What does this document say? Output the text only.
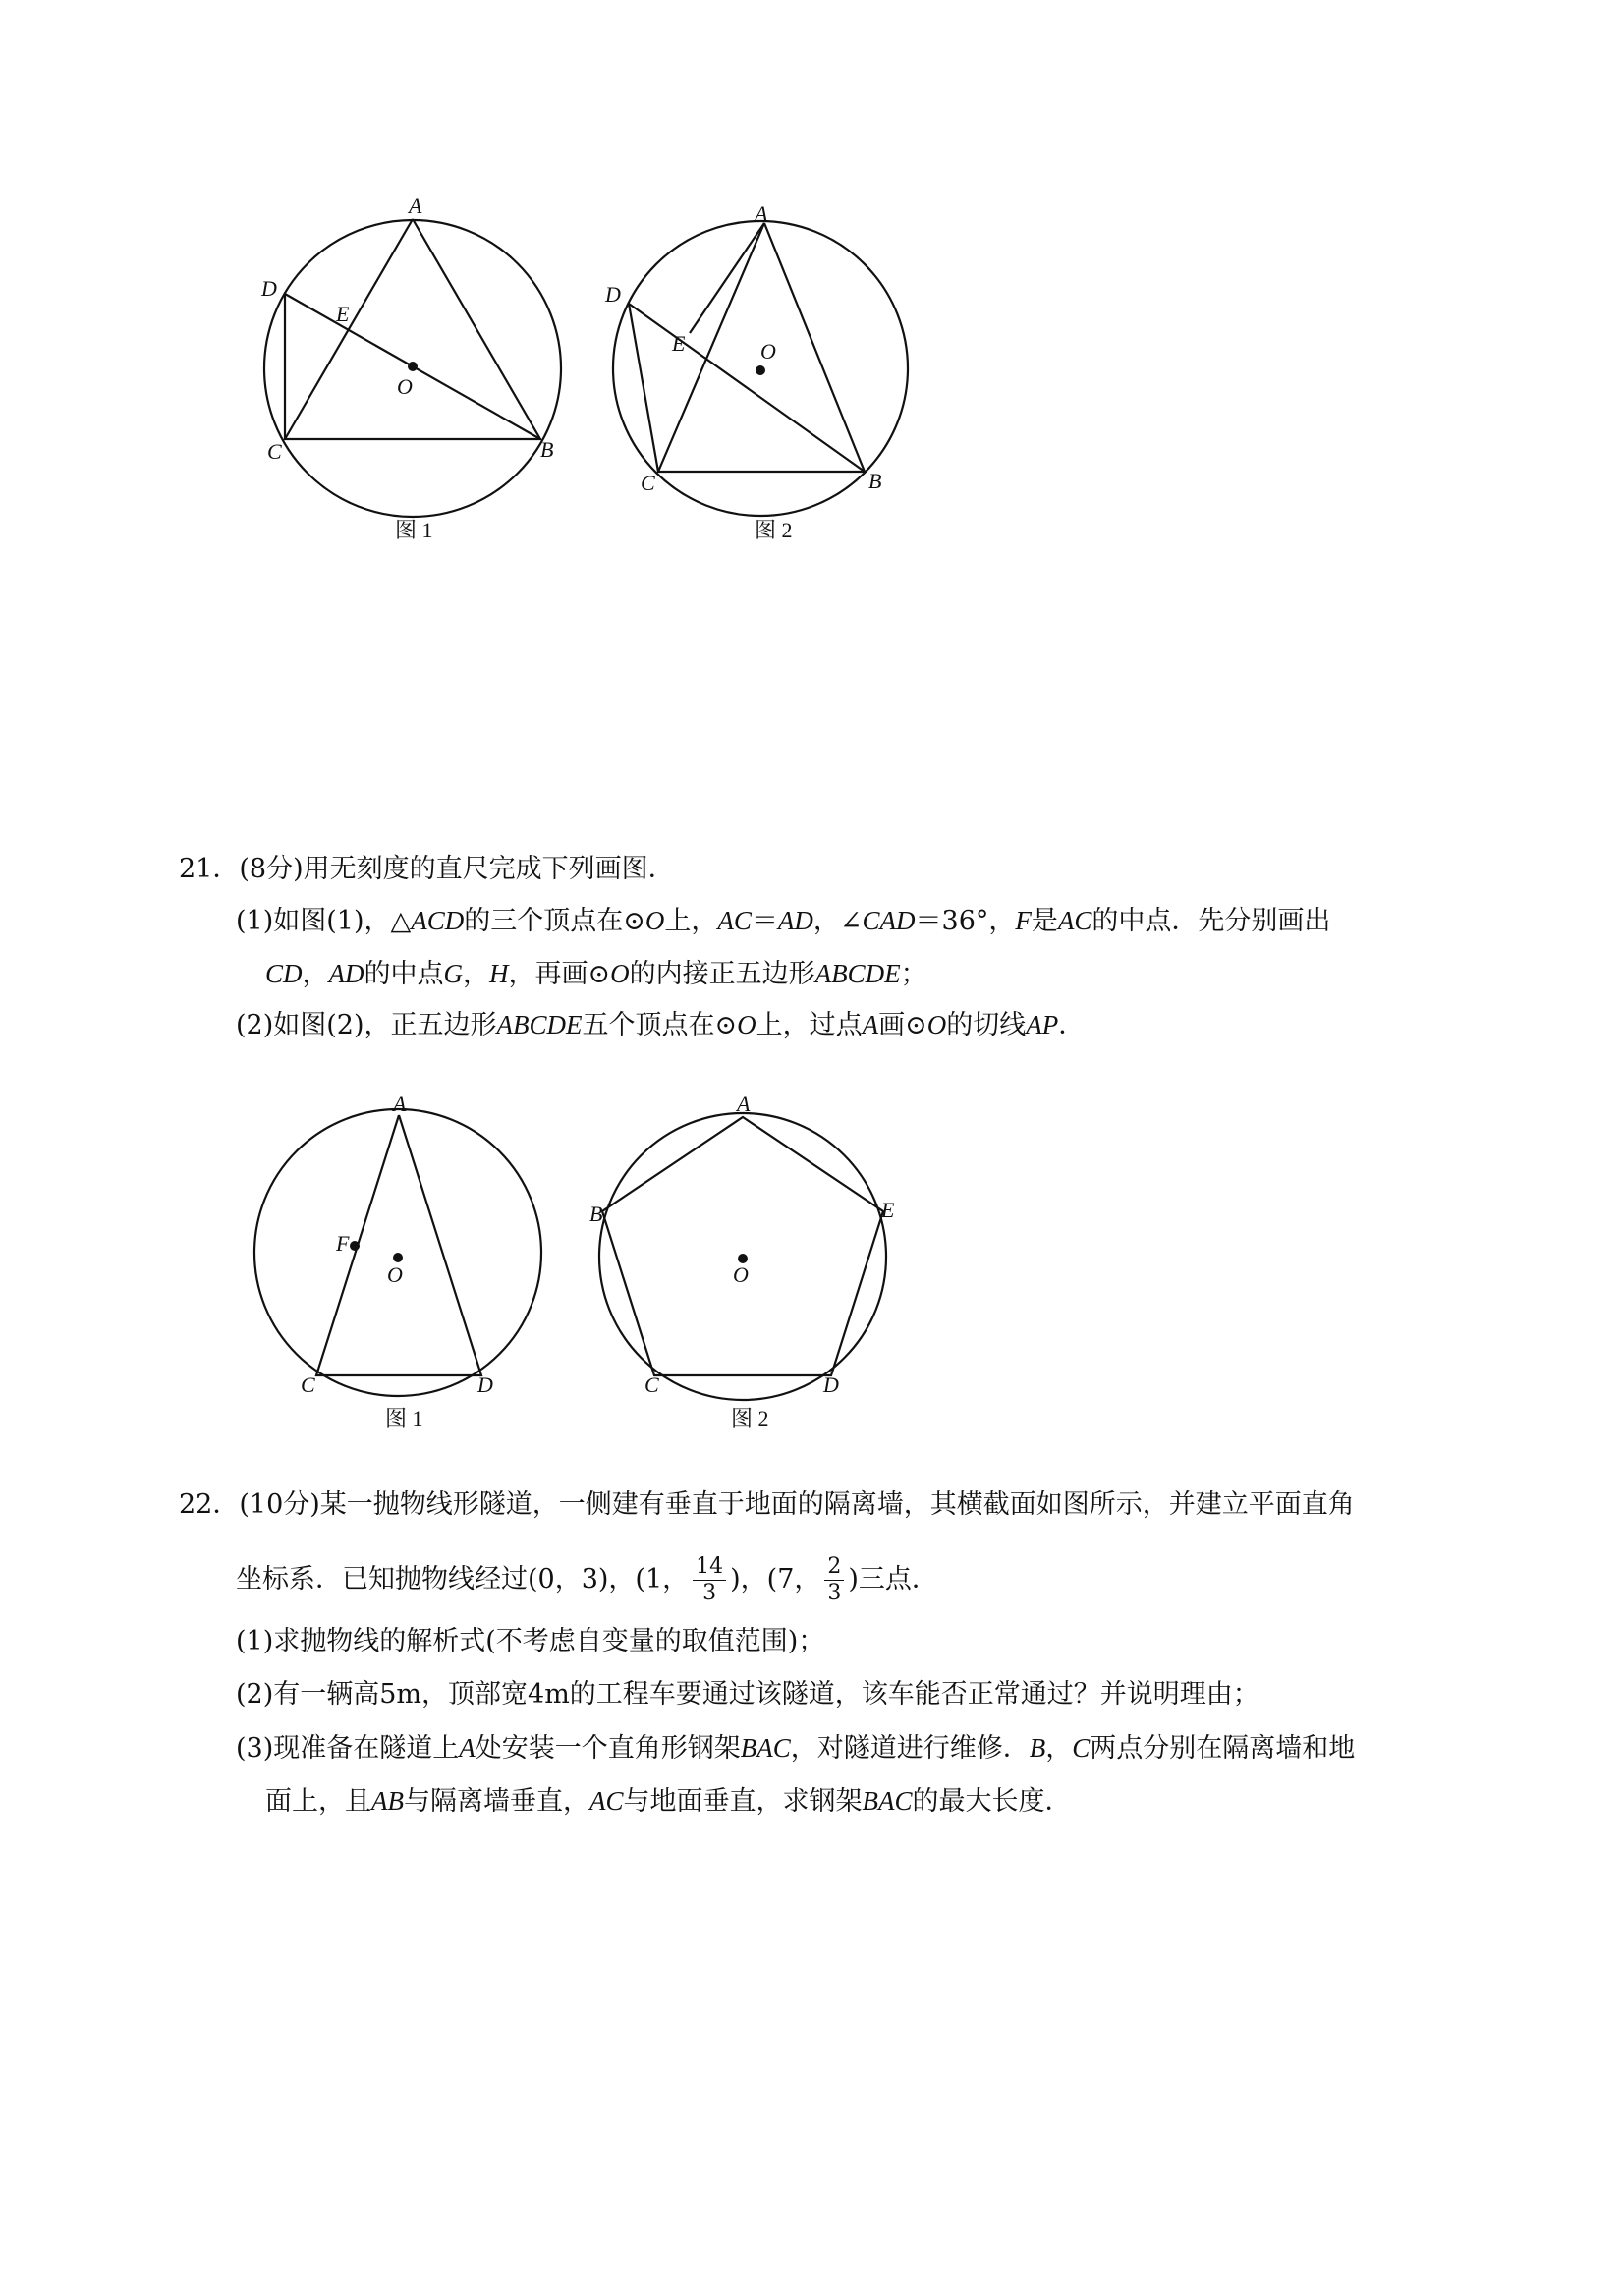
A
B
C
D
E
O
图 1
A
B
C
D
E	O
图 2
21．(8分)用无刻度的直尺完成下列画图．
(1)如图(1)，△ACD的三个顶点在⊙O上，AC＝AD，∠CAD＝36°，F是AC的中点．先分别画出
CD，AD的中点G，H，再画⊙O的内接正五边形ABCDE；
(2)如图(2)，正五边形ABCDE五个顶点在⊙O上，过点A画⊙O的切线AP．
A
F
O
C	D
图 1
A
B	E
O
C	D
图 2
22．(10分)某一抛物线形隧道，一侧建有垂直于地面的隔离墙，其横截面如图所示，并建立平面直角
坐标系．已知抛物线经过(0，3)，(1， $\frac{14}{3}$ )，(7， $\frac{2}{3}$ )三点．
(1)求抛物线的解析式(不考虑自变量的取值范围)；
(2)有一辆高5m，顶部宽4m的工程车要通过该隧道，该车能否正常通过？并说明理由；
(3)现准备在隧道上A处安装一个直角形钢架BAC，对隧道进行维修．B，C两点分别在隔离墙和地
面上，且AB与隔离墙垂直，AC与地面垂直，求钢架BAC的最大长度．
